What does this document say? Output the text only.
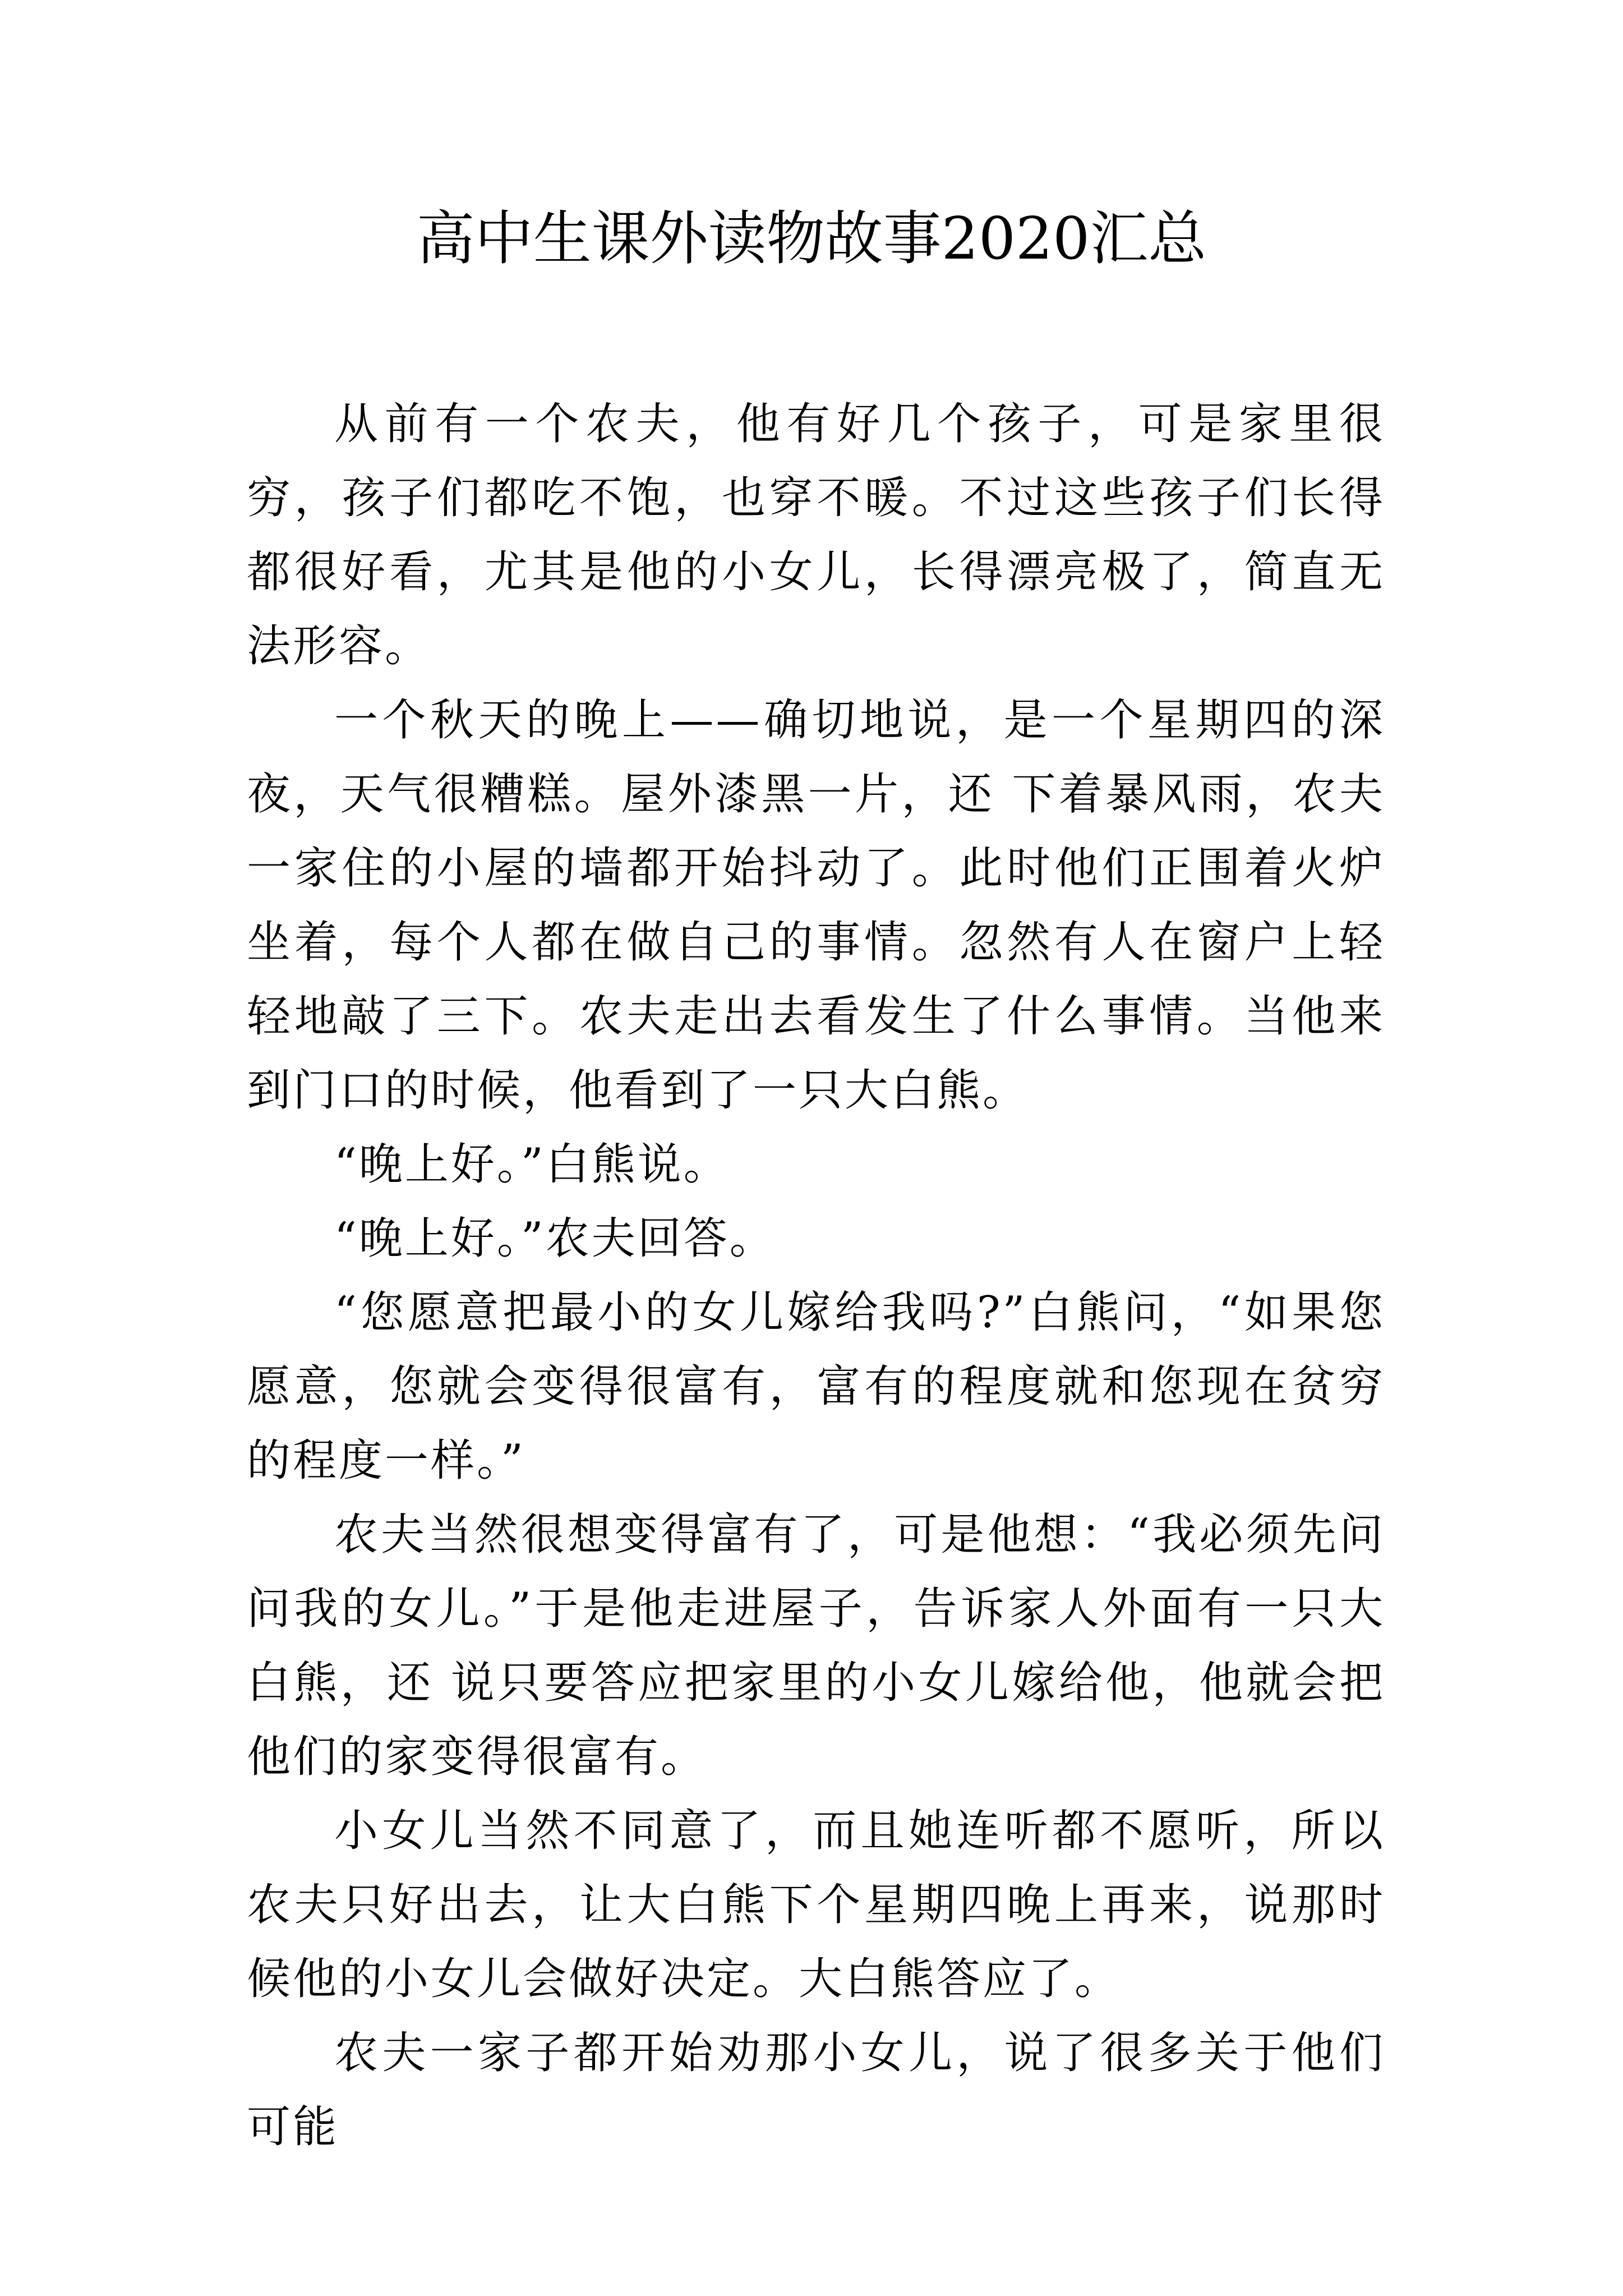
高中生课外读物故事2020汇总

从前有一个农夫，他有好几个孩子，可是家里很穷，孩子们都吃不饱，也穿不暖。不过这些孩子们长得都很好看，尤其是他的小女儿，长得漂亮极了，简直无法形容。

一个秋天的晚上——确切地说，是一个星期四的深夜，天气很糟糕。屋外漆黑一片，还 下着暴风雨，农夫一家住的小屋的墙都开始抖动了。此时他们正围着火炉坐着，每个人都在做自己的事情。忽然有人在窗户上轻轻地敲了三下。农夫走出去看发生了什么事情。当他来到门口的时候，他看到了一只大白熊。

“晚上好。”白熊说。

“晚上好。”农夫回答。

“您愿意把最小的女儿嫁给我吗?”白熊问，“如果您愿意，您就会变得很富有，富有的程度就和您现在贫穷的程度一样。”

农夫当然很想变得富有了，可是他想：“我必须先问问我的女儿。”于是他走进屋子，告诉家人外面有一只大白熊，还 说只要答应把家里的小女儿嫁给他，他就会把他们的家变得很富有。

小女儿当然不同意了，而且她连听都不愿听，所以农夫只好出去，让大白熊下个星期四晚上再来，说那时候他的小女儿会做好决定。大白熊答应了。

农夫一家子都开始劝那小女儿，说了很多关于他们可能
